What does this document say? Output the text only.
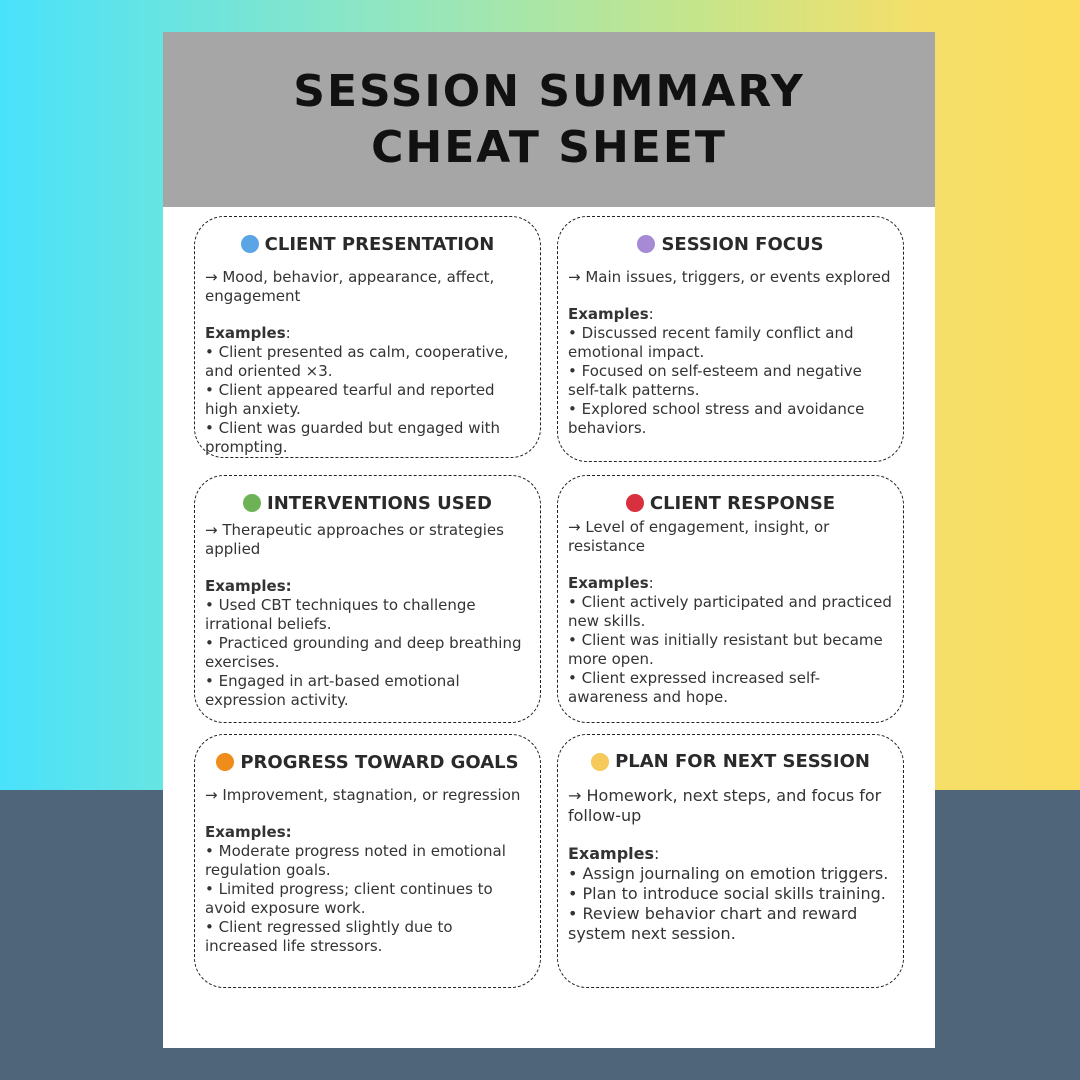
SESSION SUMMARY
CHEAT SHEET
CLIENT PRESENTATION
→ Mood, behavior, appearance, affect, engagement
Examples:
• Client presented as calm, cooperative, and oriented ×3.
• Client appeared tearful and reported high anxiety.
• Client was guarded but engaged with prompting.
SESSION FOCUS
→ Main issues, triggers, or events explored
Examples:
• Discussed recent family conflict and emotional impact.
• Focused on self-esteem and negative self-talk patterns.
• Explored school stress and avoidance behaviors.
INTERVENTIONS USED
→ Therapeutic approaches or strategies applied
Examples:
• Used CBT techniques to challenge irrational beliefs.
• Practiced grounding and deep breathing exercises.
• Engaged in art-based emotional expression activity.
CLIENT RESPONSE
→ Level of engagement, insight, or resistance
Examples:
• Client actively participated and practiced new skills.
• Client was initially resistant but became more open.
• Client expressed increased self-awareness and hope.
PROGRESS TOWARD GOALS
→ Improvement, stagnation, or regression
Examples:
• Moderate progress noted in emotional regulation goals.
• Limited progress; client continues to avoid exposure work.
• Client regressed slightly due to increased life stressors.
PLAN FOR NEXT SESSION
→ Homework, next steps, and focus for follow-up
Examples:
• Assign journaling on emotion triggers.
• Plan to introduce social skills training.
• Review behavior chart and reward system next session.
